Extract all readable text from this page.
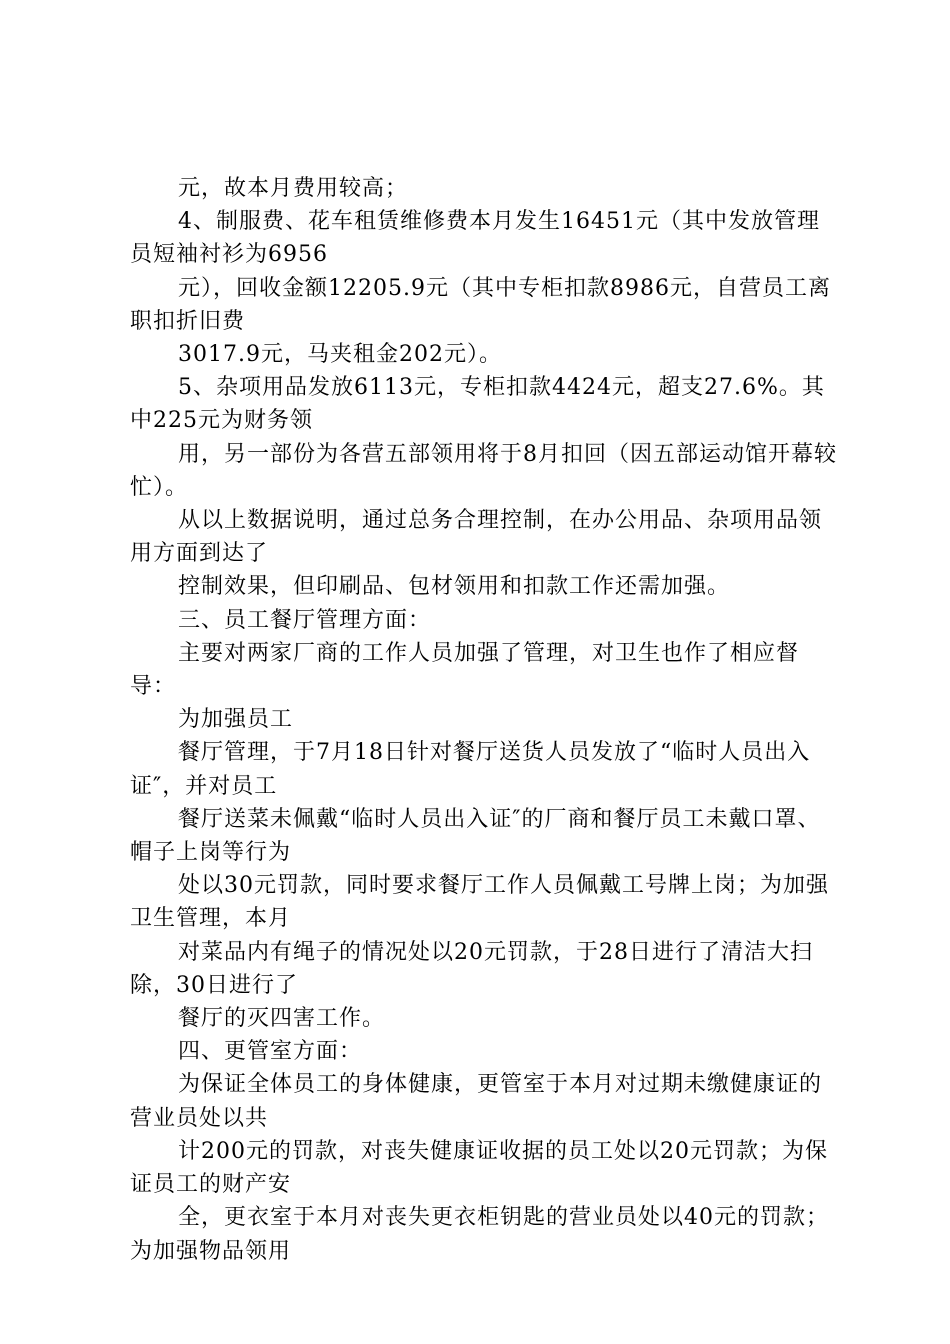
元，故本月费用较高；

4、制服费、花车租赁维修费本月发生16451元（其中发放管理员短袖衬衫为6956

元），回收金额12205.9元（其中专柜扣款8986元，自营员工离职扣折旧费

3017.9元，马夹租金202元）。

5、杂项用品发放6113元，专柜扣款4424元，超支27.6%。其中225元为财务领

用，另一部份为各营五部领用将于8月扣回（因五部运动馆开幕较忙）。

从以上数据说明，通过总务合理控制，在办公用品、杂项用品领用方面到达了

控制效果，但印刷品、包材领用和扣款工作还需加强。

三、员工餐厅管理方面：

主要对两家厂商的工作人员加强了管理，对卫生也作了相应督导：

为加强员工

餐厅管理，于7月18日针对餐厅送货人员发放了“临时人员出入证″，并对员工

餐厅送菜未佩戴“临时人员出入证″的厂商和餐厅员工未戴口罩、帽子上岗等行为

处以30元罚款，同时要求餐厅工作人员佩戴工号牌上岗；为加强卫生管理，本月

对菜品内有绳子的情况处以20元罚款，于28日进行了清洁大扫除，30日进行了

餐厅的灭四害工作。

四、更管室方面：

为保证全体员工的身体健康，更管室于本月对过期未缴健康证的营业员处以共

计200元的罚款，对丧失健康证收据的员工处以20元罚款；为保证员工的财产安

全，更衣室于本月对丧失更衣柜钥匙的营业员处以40元的罚款；为加强物品领用
